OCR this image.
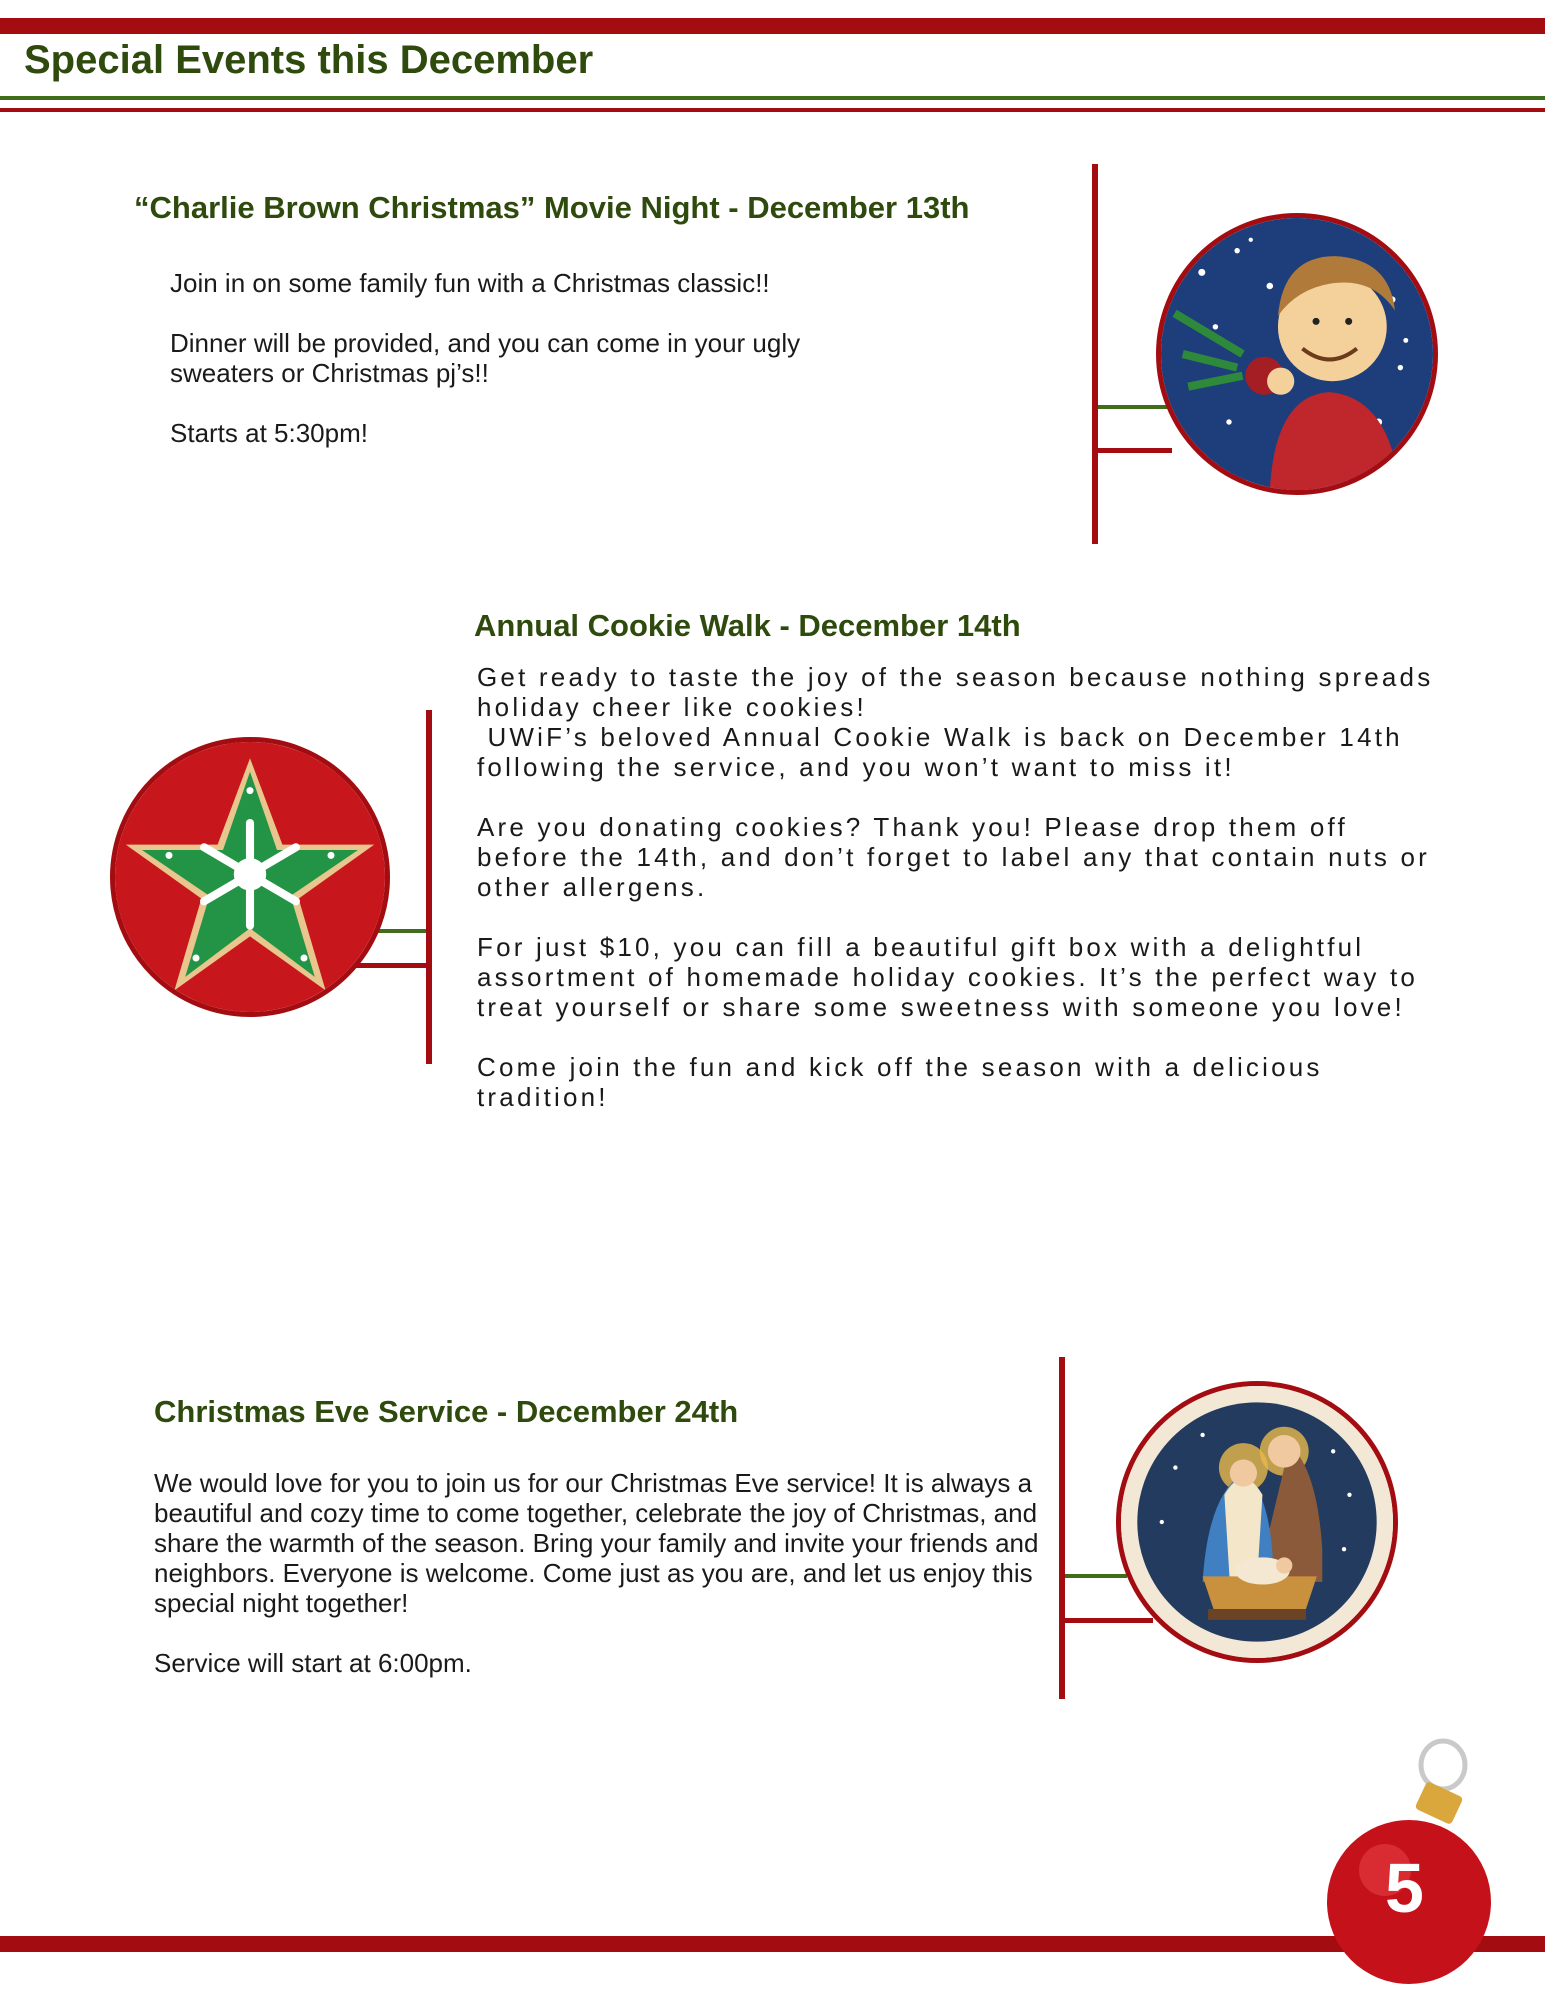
Special Events this December
“Charlie Brown Christmas” Movie Night - December 13th

Join in on some family fun with a Christmas classic!!

Dinner will be provided, and you can come in your ugly sweaters or Christmas pj’s!!

Starts at 5:30pm!

Annual Cookie Walk - December 14th
Get ready to taste the joy of the season because nothing spreads holiday cheer like cookies!

UWiF’s beloved Annual Cookie Walk is back on December 14th following the service, and you won’t want to miss it!

Are you donating cookies? Thank you! Please drop them off before the 14th, and don’t forget to label any that contain nuts or other allergens.

For just $10, you can fill a beautiful gift box with a delightful assortment of homemade holiday cookies. It’s the perfect way to treat yourself or share some sweetness with someone you love!

Come join the fun and kick off the season with a delicious tradition!

Christmas Eve Service - December 24th

We would love for you to join us for our Christmas Eve service! It is always a beautiful and cozy time to come together, celebrate the joy of Christmas, and share the warmth of the season. Bring your family and invite your friends and neighbors. Everyone is welcome. Come just as you are, and let us enjoy this special night together!

Service will start at 6:00pm.

5
